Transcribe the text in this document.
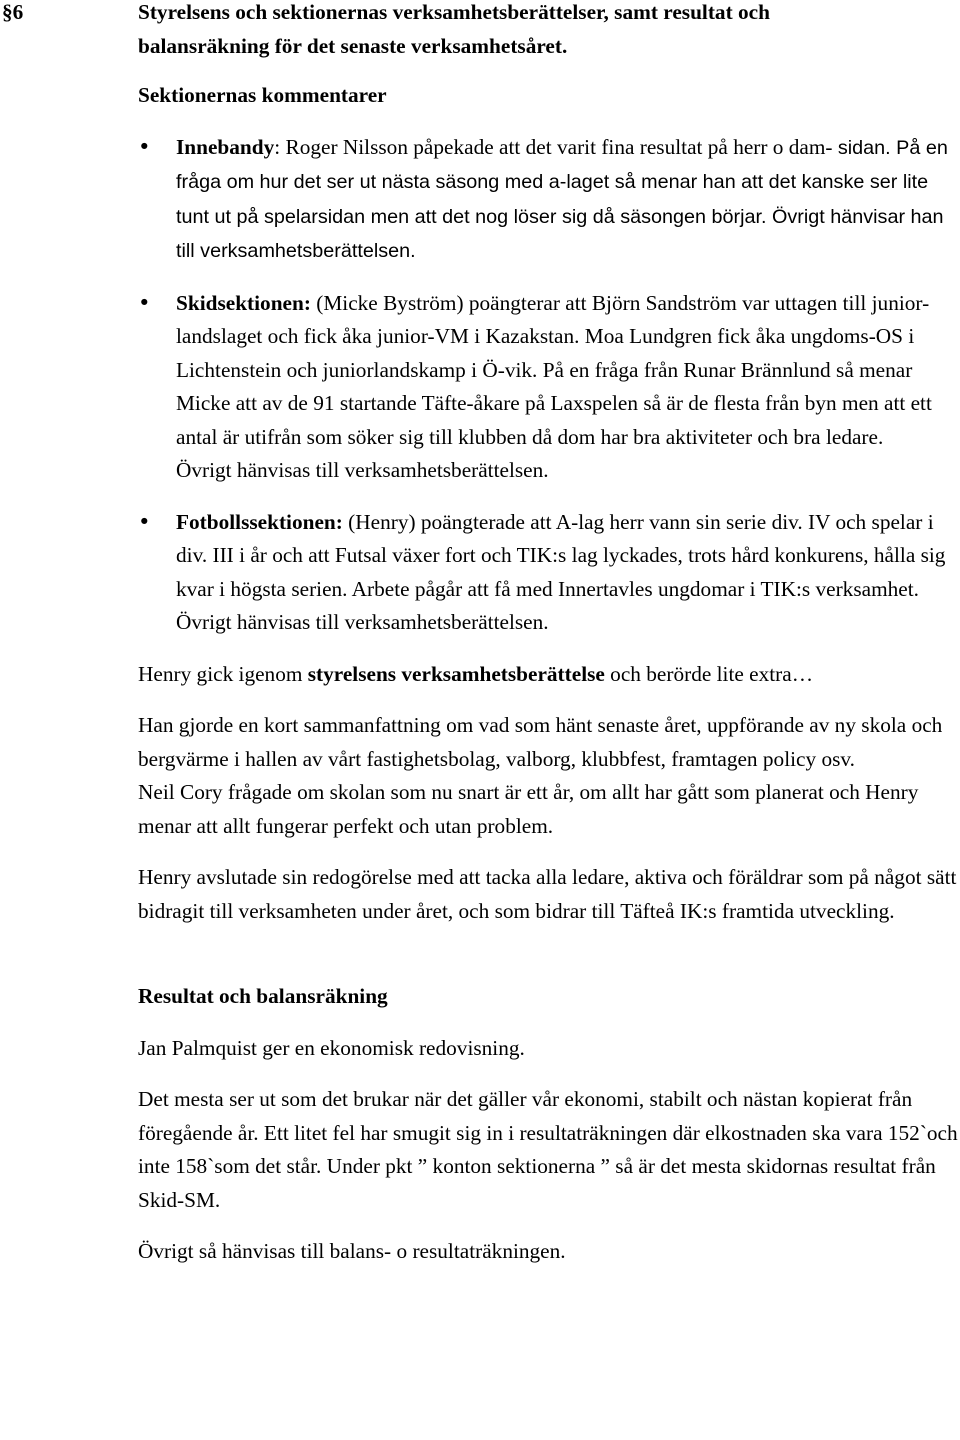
§6	Styrelsens och sektionernas verksamhetsberättelser, samt resultat och
balansräkning för det senaste verksamhetsåret.

Sektionernas kommentarer

• Innebandy: Roger Nilsson påpekade att det varit fina resultat på herr o dam- sidan. På en fråga om hur det ser ut nästa säsong med a-laget så menar han att det kanske ser lite tunt ut på spelarsidan men att det nog löser sig då säsongen börjar. Övrigt hänvisar han till verksamhetsberättelsen.
• Skidsektionen: (Micke Byström) poängterar att Björn Sandström var uttagen till junior-landslaget och fick åka junior-VM i Kazakstan. Moa Lundgren fick åka ungdoms-OS i Lichtenstein och juniorlandskamp i Ö-vik. På en fråga från Runar Brännlund så menar Micke att av de 91 startande Täfte-åkare på Laxspelen så är de flesta från byn men att ett antal är utifrån som söker sig till klubben då dom har bra aktiviteter och bra ledare.
Övrigt hänvisas till verksamhetsberättelsen.
• Fotbollssektionen: (Henry) poängterade att A-lag herr vann sin serie div. IV och spelar i div. III i år och att Futsal växer fort och TIK:s lag lyckades, trots hård konkurens, hålla sig kvar i högsta serien. Arbete pågår att få med Innertavles ungdomar i TIK:s verksamhet.
Övrigt hänvisas till verksamhetsberättelsen.

Henry gick igenom styrelsens verksamhetsberättelse och berörde lite extra…

Han gjorde en kort sammanfattning om vad som hänt senaste året, uppförande av ny skola och bergvärme i hallen av vårt fastighetsbolag, valborg, klubbfest, framtagen policy osv.
Neil Cory frågade om skolan som nu snart är ett år, om allt har gått som planerat och Henry menar att allt fungerar perfekt och utan problem.

Henry avslutade sin redogörelse med att tacka alla ledare, aktiva och föräldrar som på något sätt bidragit till verksamheten under året, och som bidrar till Täfteå IK:s framtida utveckling.

Resultat och balansräkning

Jan Palmquist ger en ekonomisk redovisning.

Det mesta ser ut som det brukar när det gäller vår ekonomi, stabilt och nästan kopierat från föregående år. Ett litet fel har smugit sig in i resultaträkningen där elkostnaden ska vara 152`och inte 158`som det står. Under pkt ” konton sektionerna ” så är det mesta skidornas resultat från Skid-SM.

Övrigt så hänvisas till balans- o resultaträkningen.
